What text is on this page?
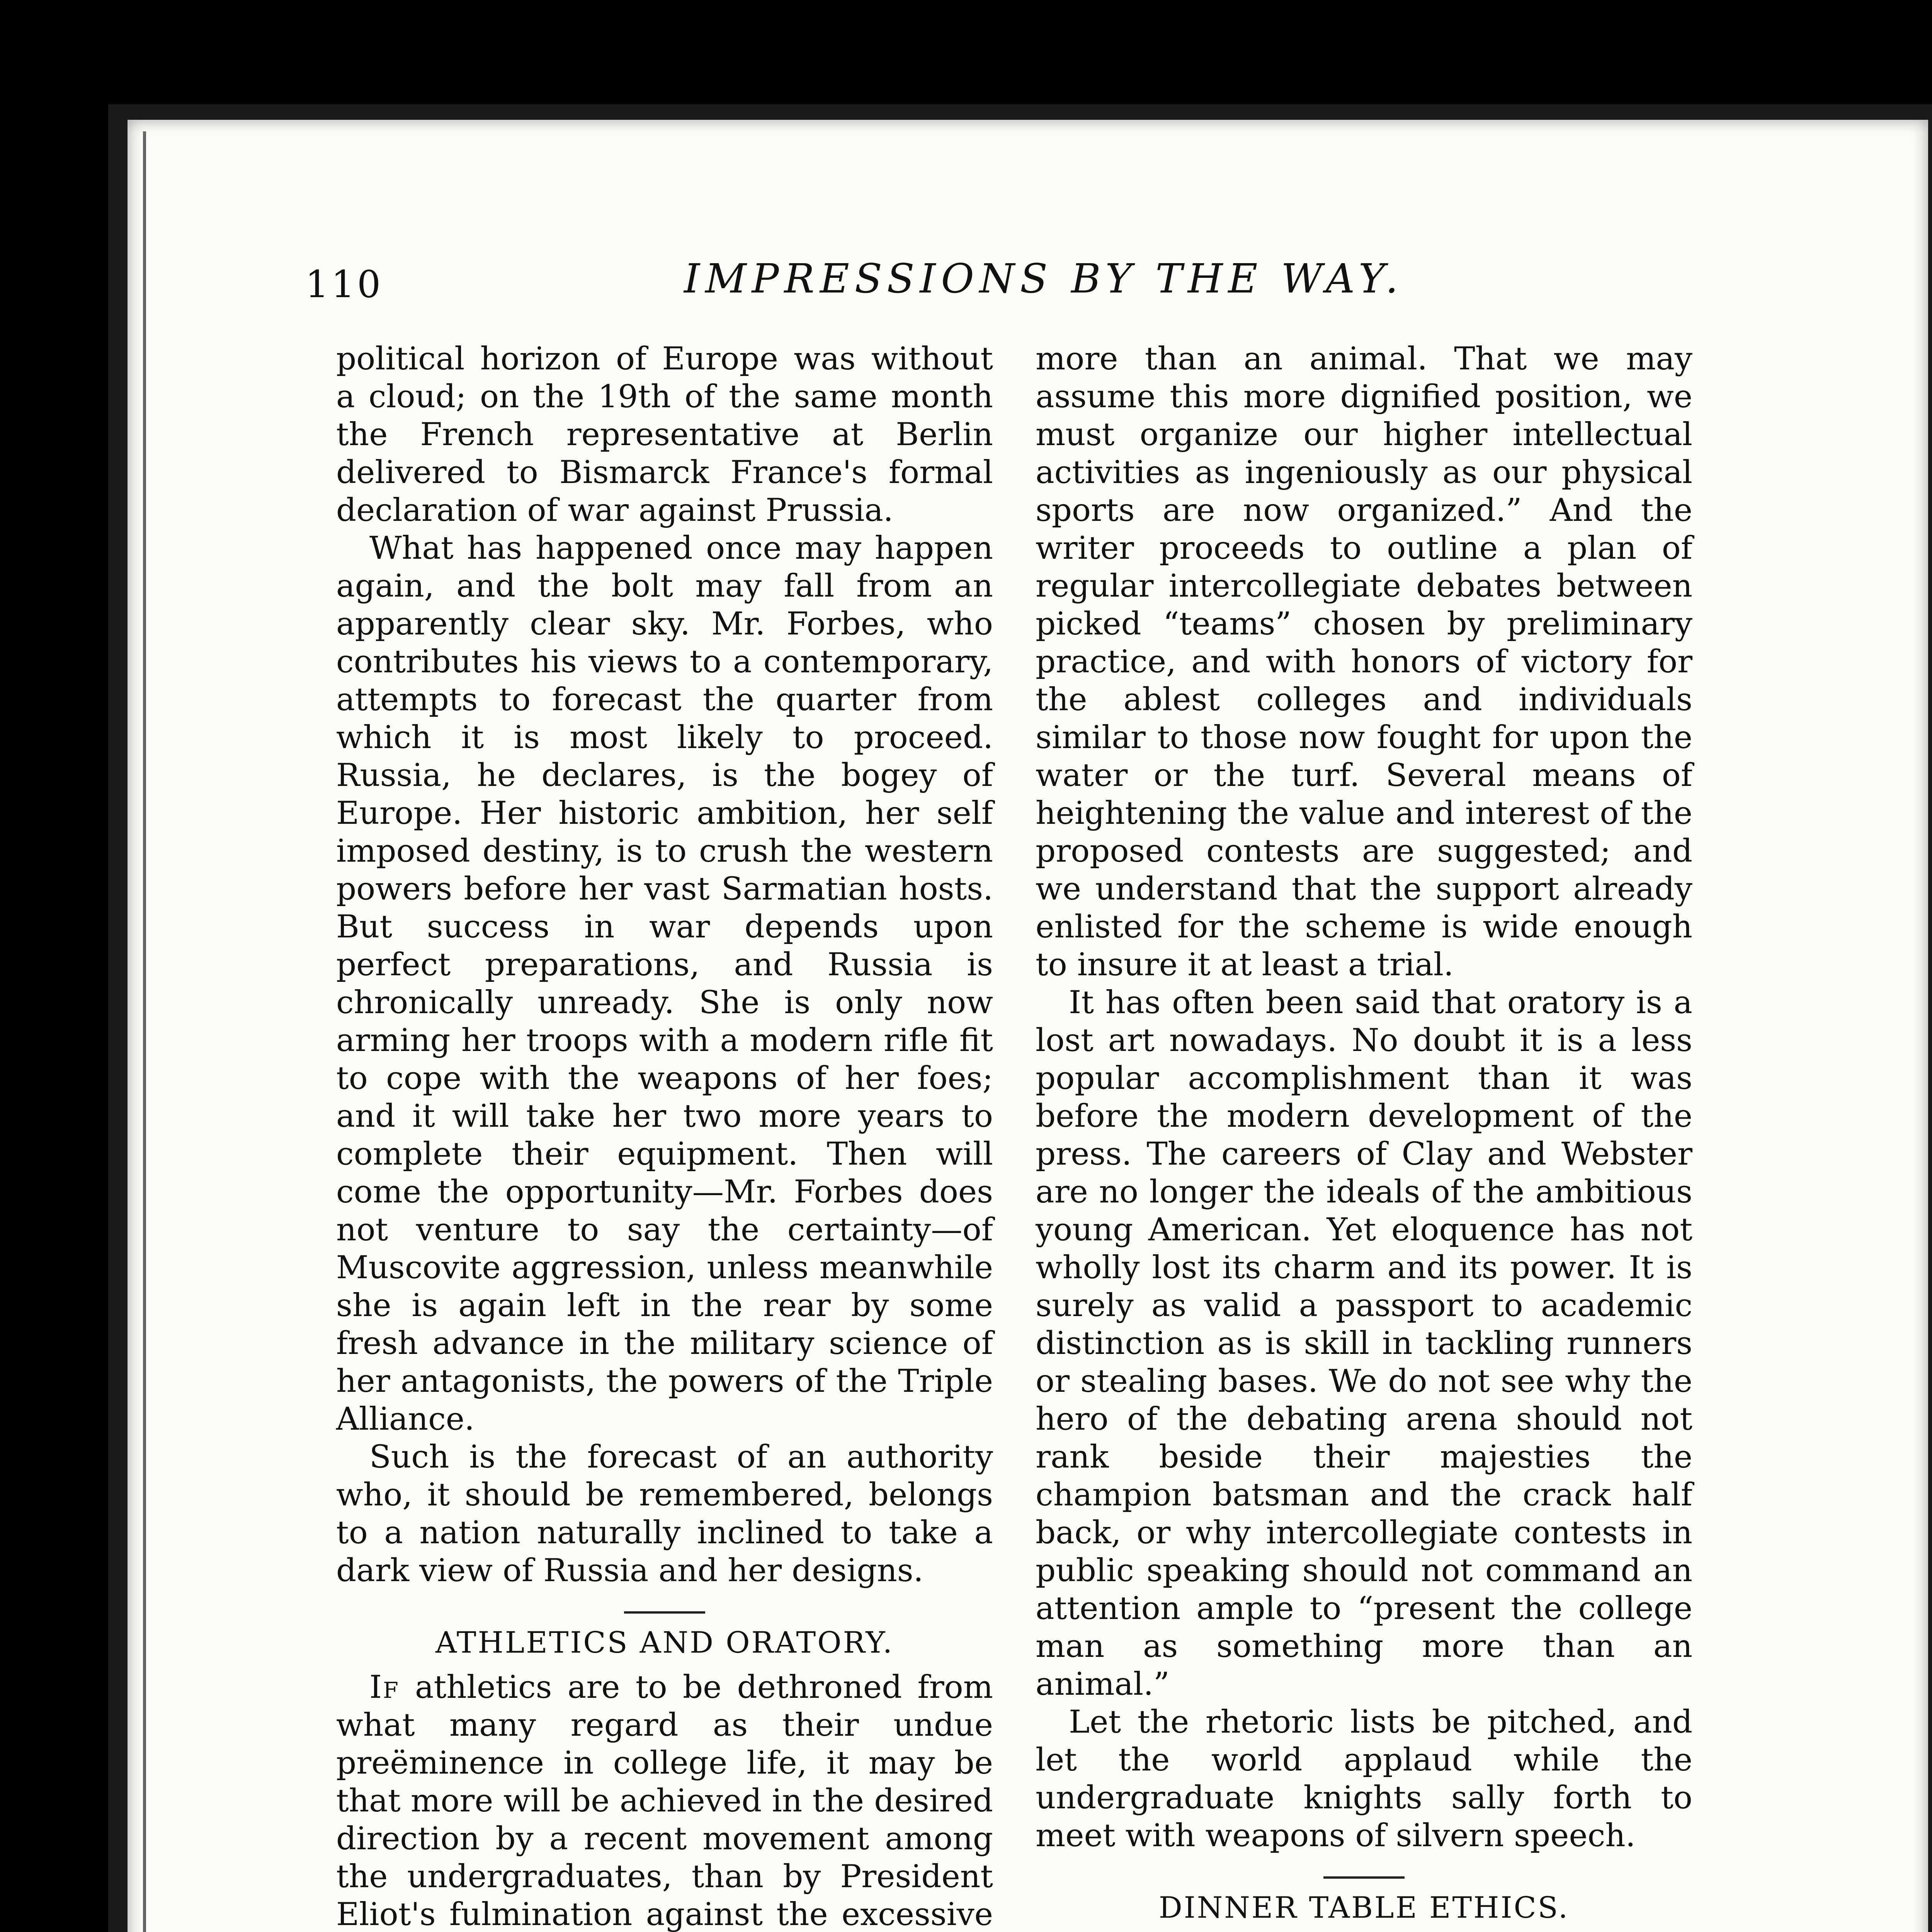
110	IMPRESSIONS BY THE WAY.

political horizon of Europe was without a cloud; on the 19th of the same month the French representative at Berlin delivered to Bismarck France's formal declaration of war against Prussia.

What has happened once may happen again, and the bolt may fall from an apparently clear sky. Mr. Forbes, who contributes his views to a contemporary, attempts to forecast the quarter from which it is most likely to proceed. Russia, he declares, is the bogey of Europe. Her historic ambition, her self imposed destiny, is to crush the western powers before her vast Sarmatian hosts. But success in war depends upon perfect preparations, and Russia is chronically unready. She is only now arming her troops with a modern rifle fit to cope with the weapons of her foes; and it will take her two more years to complete their equipment. Then will come the opportunity—Mr. Forbes does not venture to say the certainty—of Muscovite aggression, unless meanwhile she is again left in the rear by some fresh advance in the military science of her antagonists, the powers of the Triple Alliance.

Such is the forecast of an authority who, it should be remembered, belongs to a nation naturally inclined to take a dark view of Russia and her designs.

ATHLETICS AND ORATORY.

If athletics are to be dethroned from what many regard as their undue preëminence in college life, it may be that more will be achieved in the desired direction by a recent movement among the undergraduates, than by President Eliot's fulmination against the excessive

more than an animal. That we may assume this more dignified position, we must organize our higher intellectual activities as ingeniously as our physical sports are now organized.” And the writer proceeds to outline a plan of regular intercollegiate debates between picked “teams” chosen by preliminary practice, and with honors of victory for the ablest colleges and individuals similar to those now fought for upon the water or the turf. Several means of heightening the value and interest of the proposed contests are suggested; and we understand that the support already enlisted for the scheme is wide enough to insure it at least a trial.

It has often been said that oratory is a lost art nowadays. No doubt it is a less popular accomplishment than it was before the modern development of the press. The careers of Clay and Webster are no longer the ideals of the ambitious young American. Yet eloquence has not wholly lost its charm and its power. It is surely as valid a passport to academic distinction as is skill in tackling runners or stealing bases. We do not see why the hero of the debating arena should not rank beside their majesties the champion batsman and the crack half back, or why intercollegiate contests in public speaking should not command an attention ample to “present the college man as something more than an animal.”

Let the rhetoric lists be pitched, and let the world applaud while the undergraduate knights sally forth to meet with weapons of silvern speech.

DINNER TABLE ETHICS.
